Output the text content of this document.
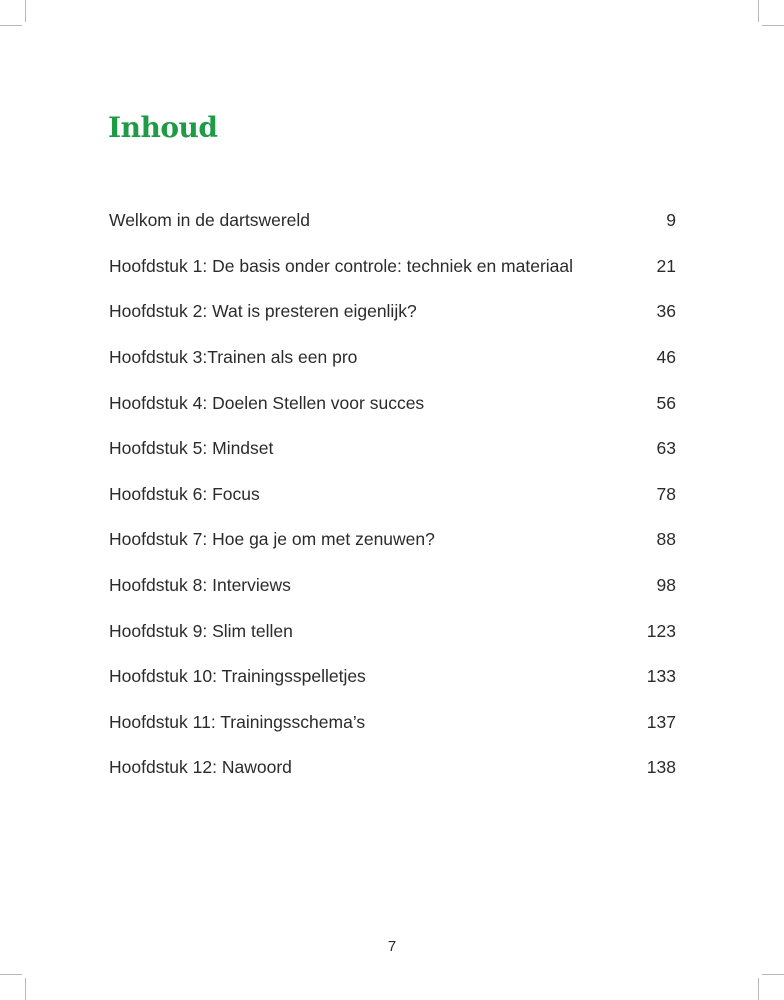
Inhoud
Welkom in de dartswereld	9
Hoofdstuk 1: De basis onder controle: techniek en materiaal	21
Hoofdstuk 2: Wat is presteren eigenlijk?	36
Hoofdstuk 3:Trainen als een pro	46
Hoofdstuk 4: Doelen Stellen voor succes	56
Hoofdstuk 5: Mindset	63
Hoofdstuk 6: Focus	78
Hoofdstuk 7: Hoe ga je om met zenuwen?	88
Hoofdstuk 8: Interviews	98
Hoofdstuk 9: Slim tellen	123
Hoofdstuk 10: Trainingsspelletjes	133
Hoofdstuk 11: Trainingsschema’s	137
Hoofdstuk 12: Nawoord	138
7
